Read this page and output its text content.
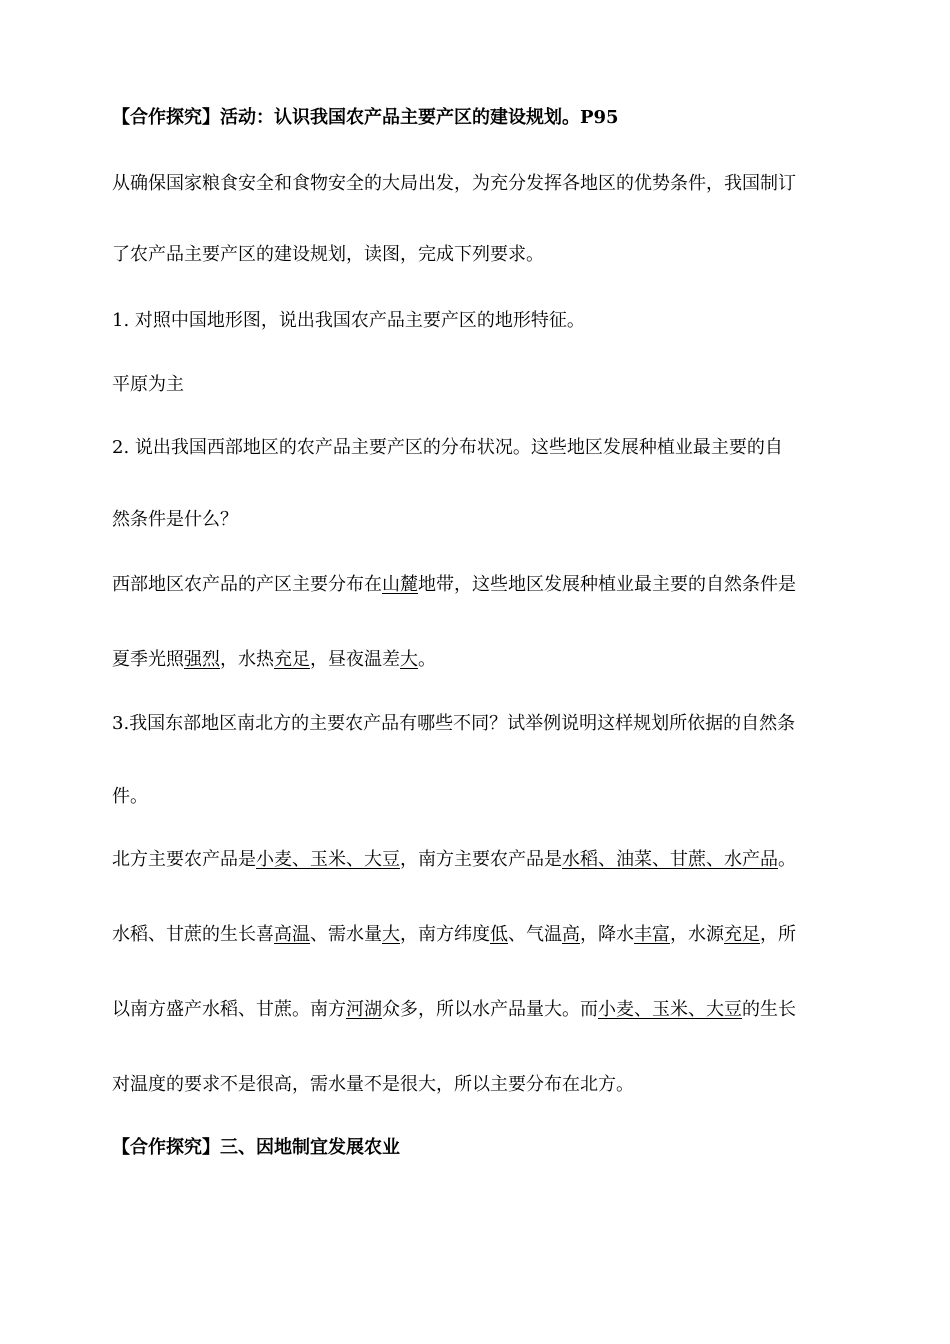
【合作探究】活动：认识我国农产品主要产区的建设规划。P95
从确保国家粮食安全和食物安全的大局出发，为充分发挥各地区的优势条件，我国制订
了农产品主要产区的建设规划，读图，完成下列要求。
1. 对照中国地形图，说出我国农产品主要产区的地形特征。
平原为主
2. 说出我国西部地区的农产品主要产区的分布状况。这些地区发展种植业最主要的自
然条件是什么？
西部地区农产品的产区主要分布在山麓地带，这些地区发展种植业最主要的自然条件是
夏季光照强烈，水热充足，昼夜温差大。
3.我国东部地区南北方的主要农产品有哪些不同？试举例说明这样规划所依据的自然条
件。
北方主要农产品是小麦、玉米、大豆，南方主要农产品是水稻、油菜、甘蔗、水产品。
水稻、甘蔗的生长喜高温、需水量大，南方纬度低、气温高，降水丰富，水源充足，所
以南方盛产水稻、甘蔗。南方河湖众多，所以水产品量大。而小麦、玉米、大豆的生长
对温度的要求不是很高，需水量不是很大，所以主要分布在北方。
【合作探究】三、因地制宜发展农业
